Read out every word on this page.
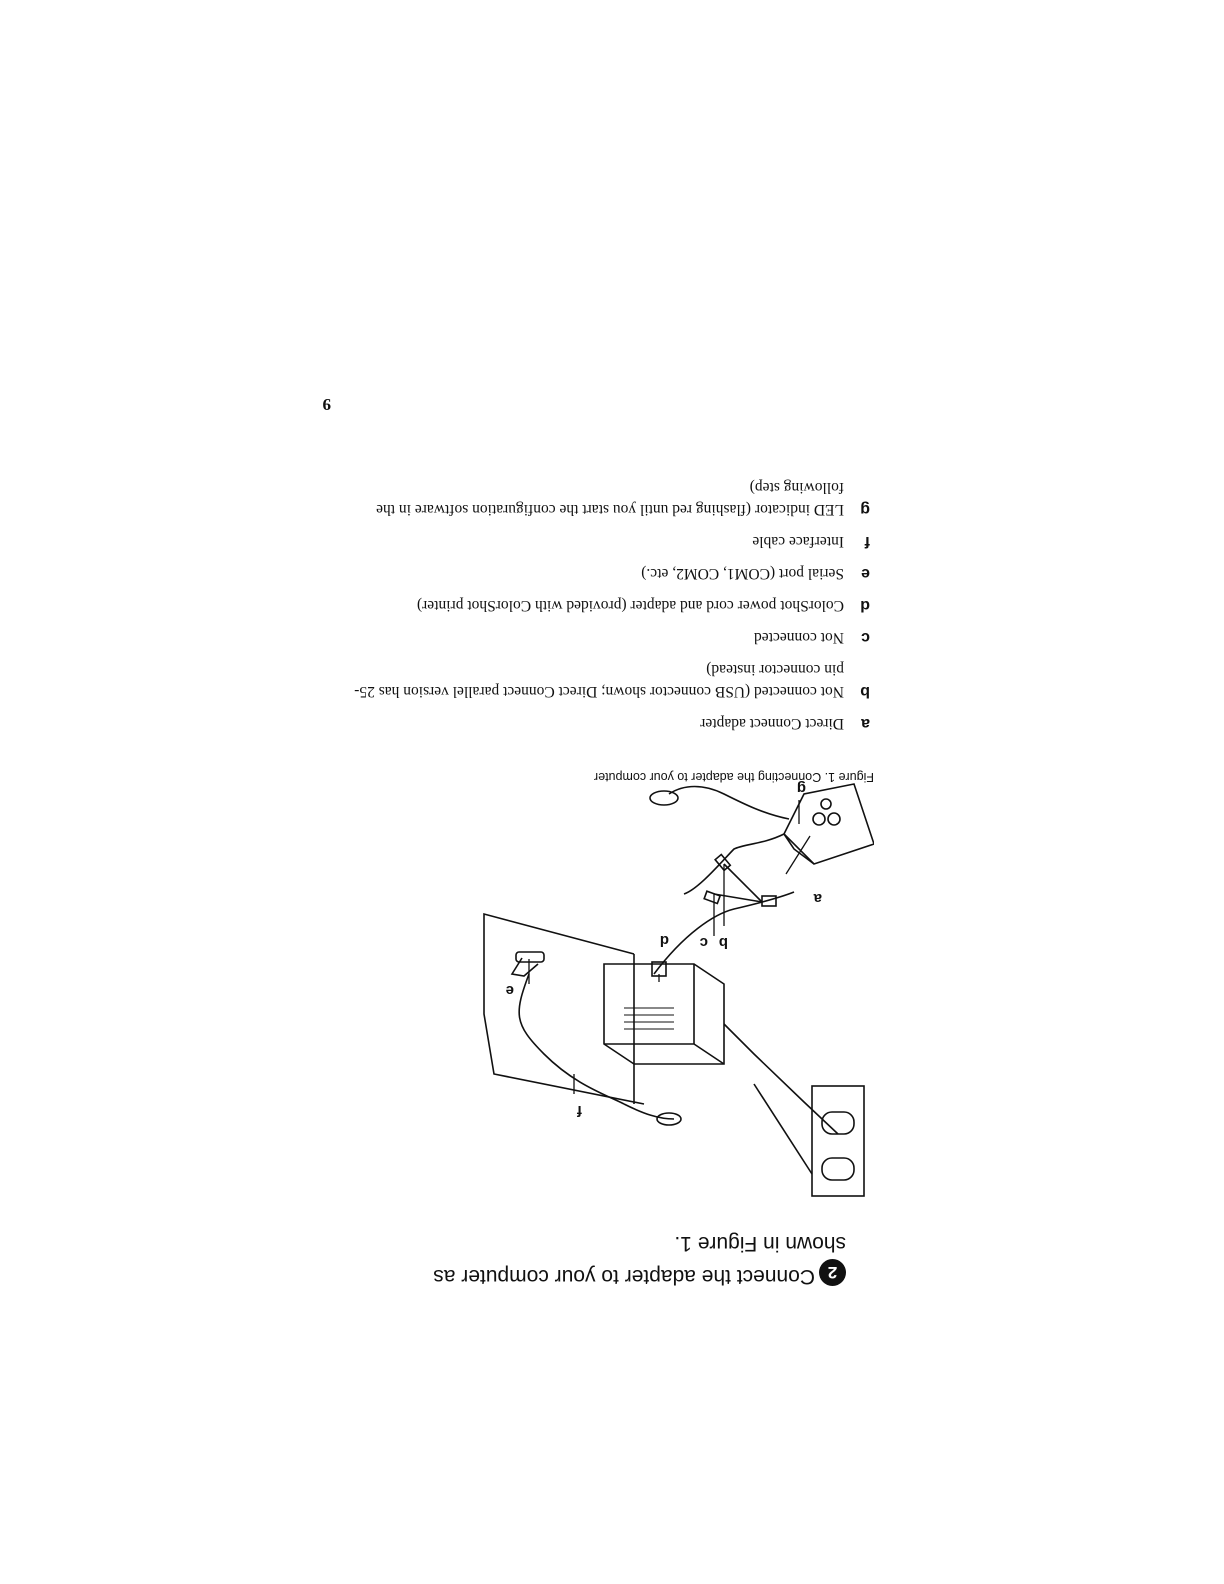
2Connect the adapter to your computer as
shown in Figure 1.
a
b
c
d
e
f
g
Figure 1. Connecting the adapter to your computer
a
Direct Connect adapter
b
Not connected (USB connector shown; Direct Connect parallel version has 25-pin connector instead)
c
Not connected
d
ColorShot power cord and adapter (provided with ColorShot printer)
e
Serial port (COM1, COM2, etc.)
f
Interface cable
g
LED indicator (flashing red until you start the configuration software in the following step)
9
